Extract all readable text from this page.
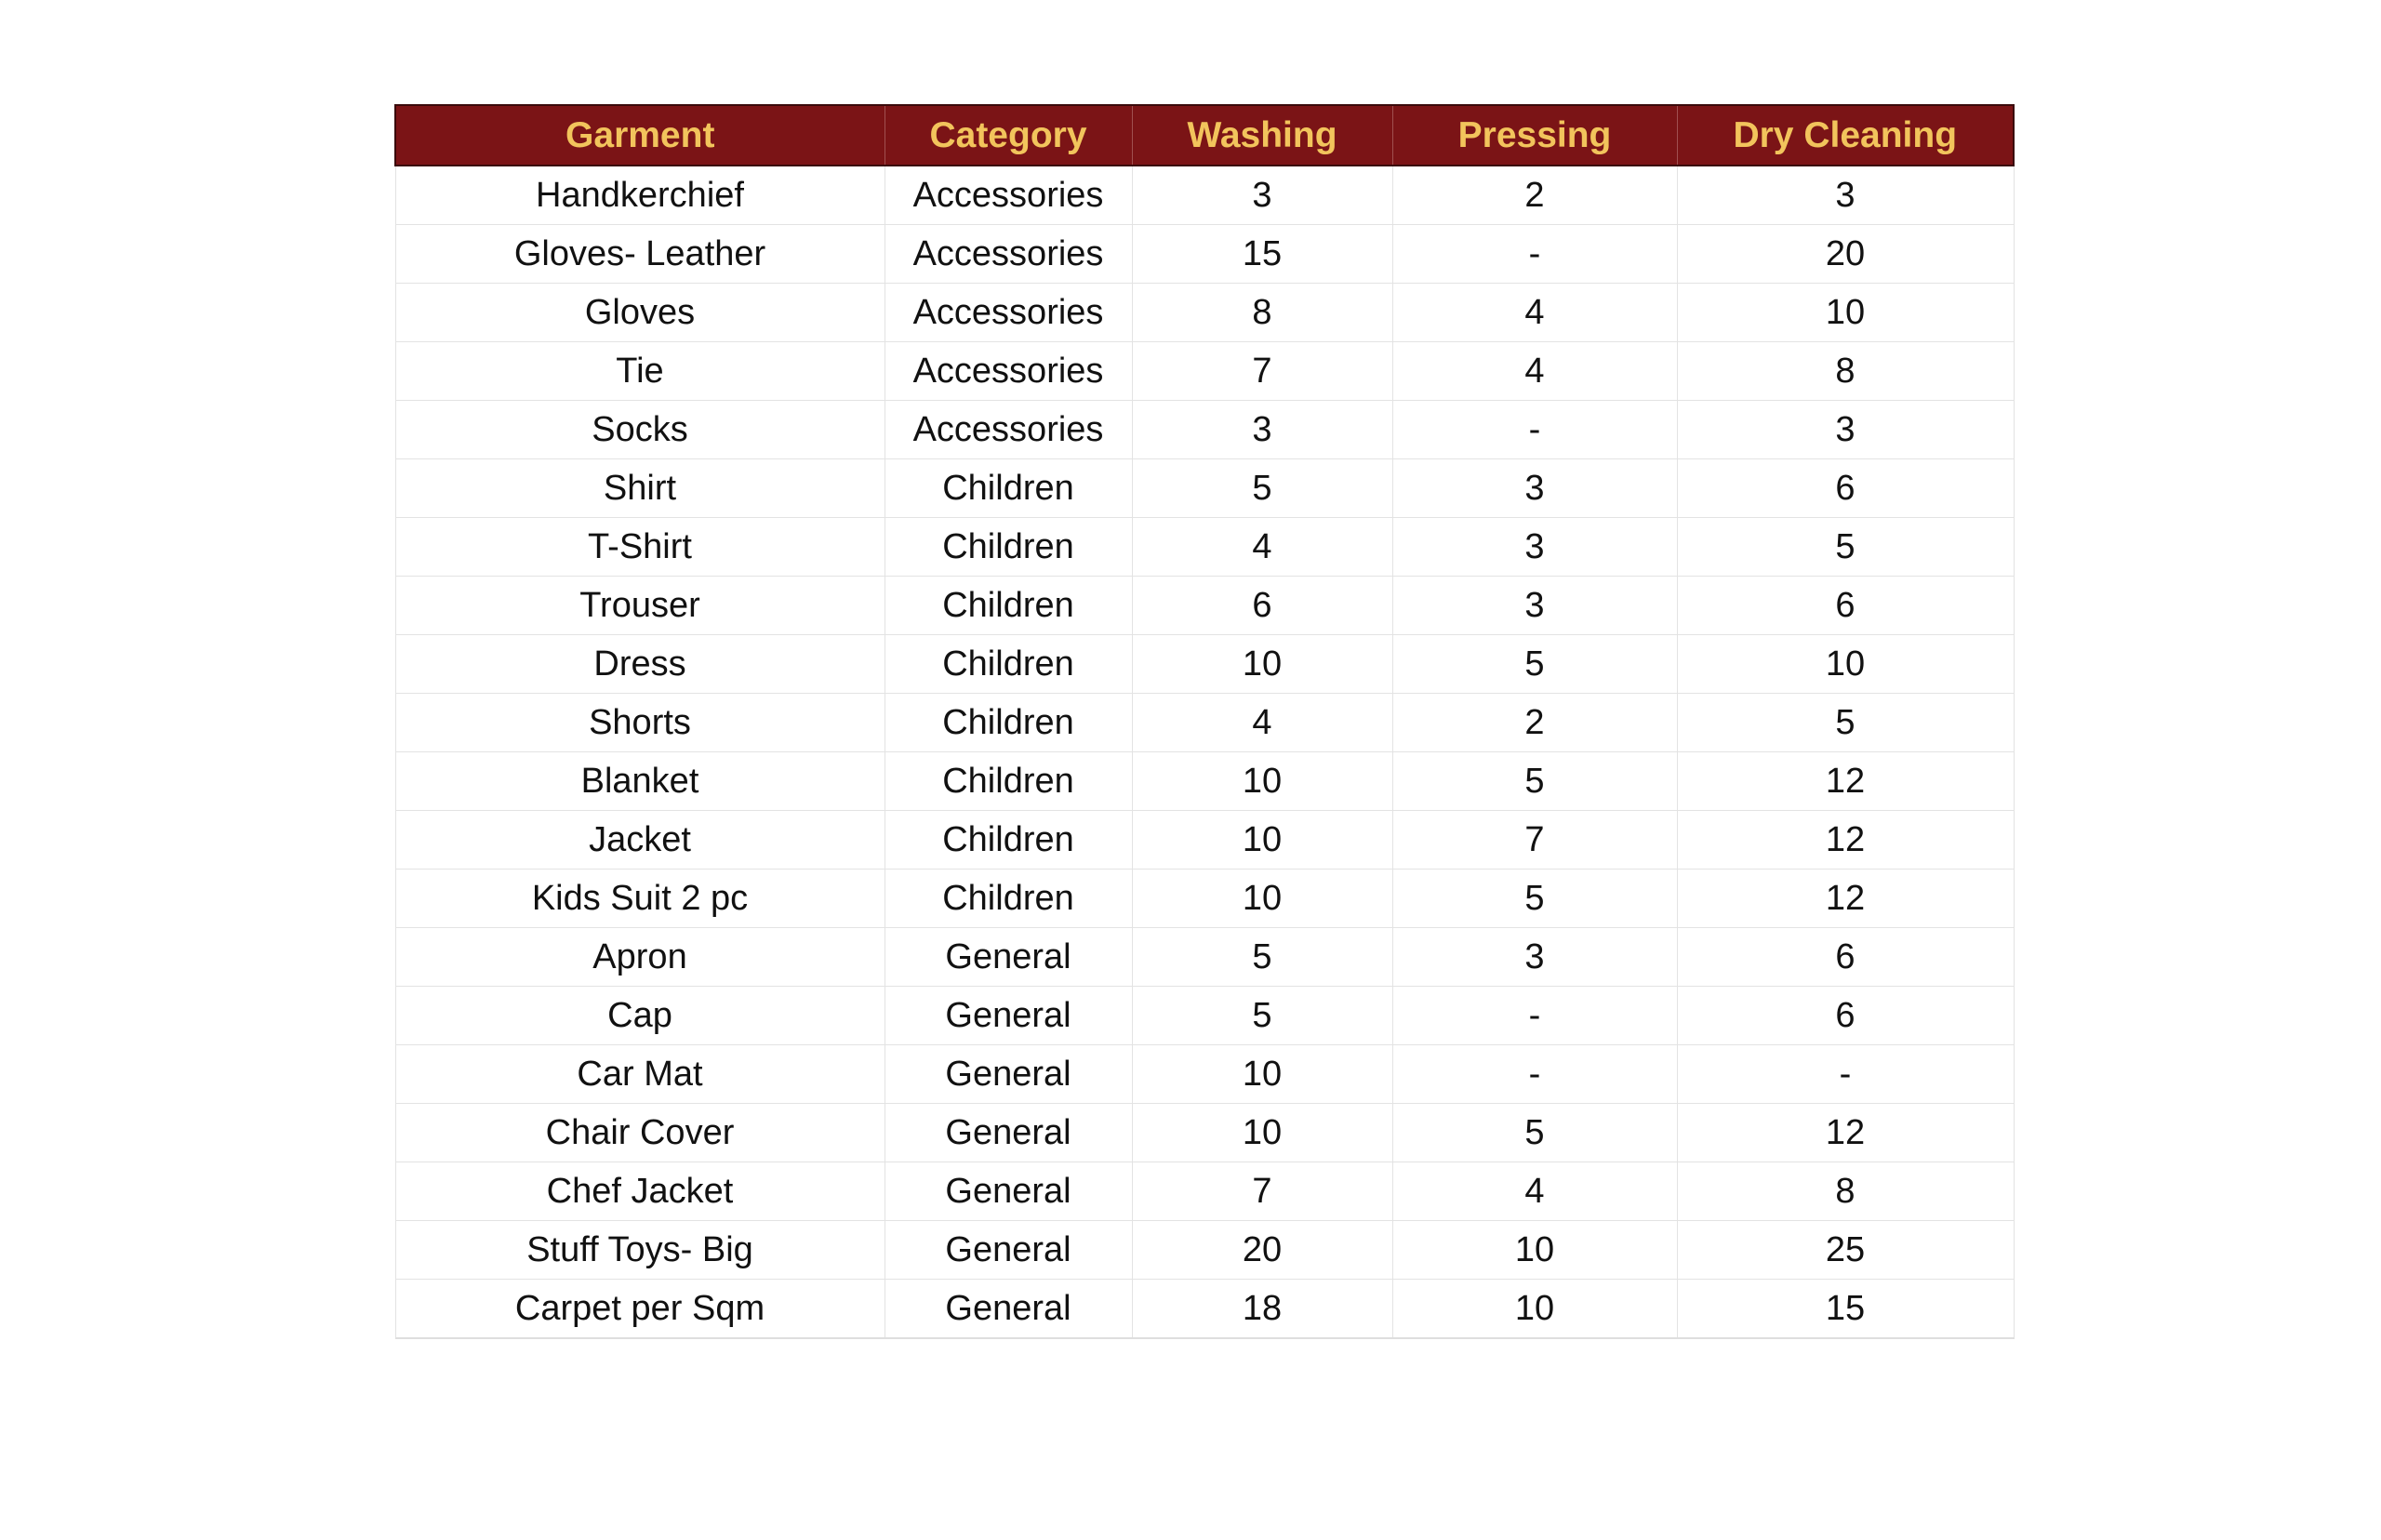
Garment	Category	Washing	Pressing	Dry Cleaning
Handkerchief	Accessories	3	2	3
Gloves- Leather	Accessories	15	-	20
Gloves	Accessories	8	4	10
Tie	Accessories	7	4	8
Socks	Accessories	3	-	3
Shirt	Children	5	3	6
T-Shirt	Children	4	3	5
Trouser	Children	6	3	6
Dress	Children	10	5	10
Shorts	Children	4	2	5
Blanket	Children	10	5	12
Jacket	Children	10	7	12
Kids Suit 2 pc	Children	10	5	12
Apron	General	5	3	6
Cap	General	5	-	6
Car Mat	General	10	-	-
Chair Cover	General	10	5	12
Chef Jacket	General	7	4	8
Stuff Toys- Big	General	20	10	25
Carpet per Sqm	General	18	10	15
